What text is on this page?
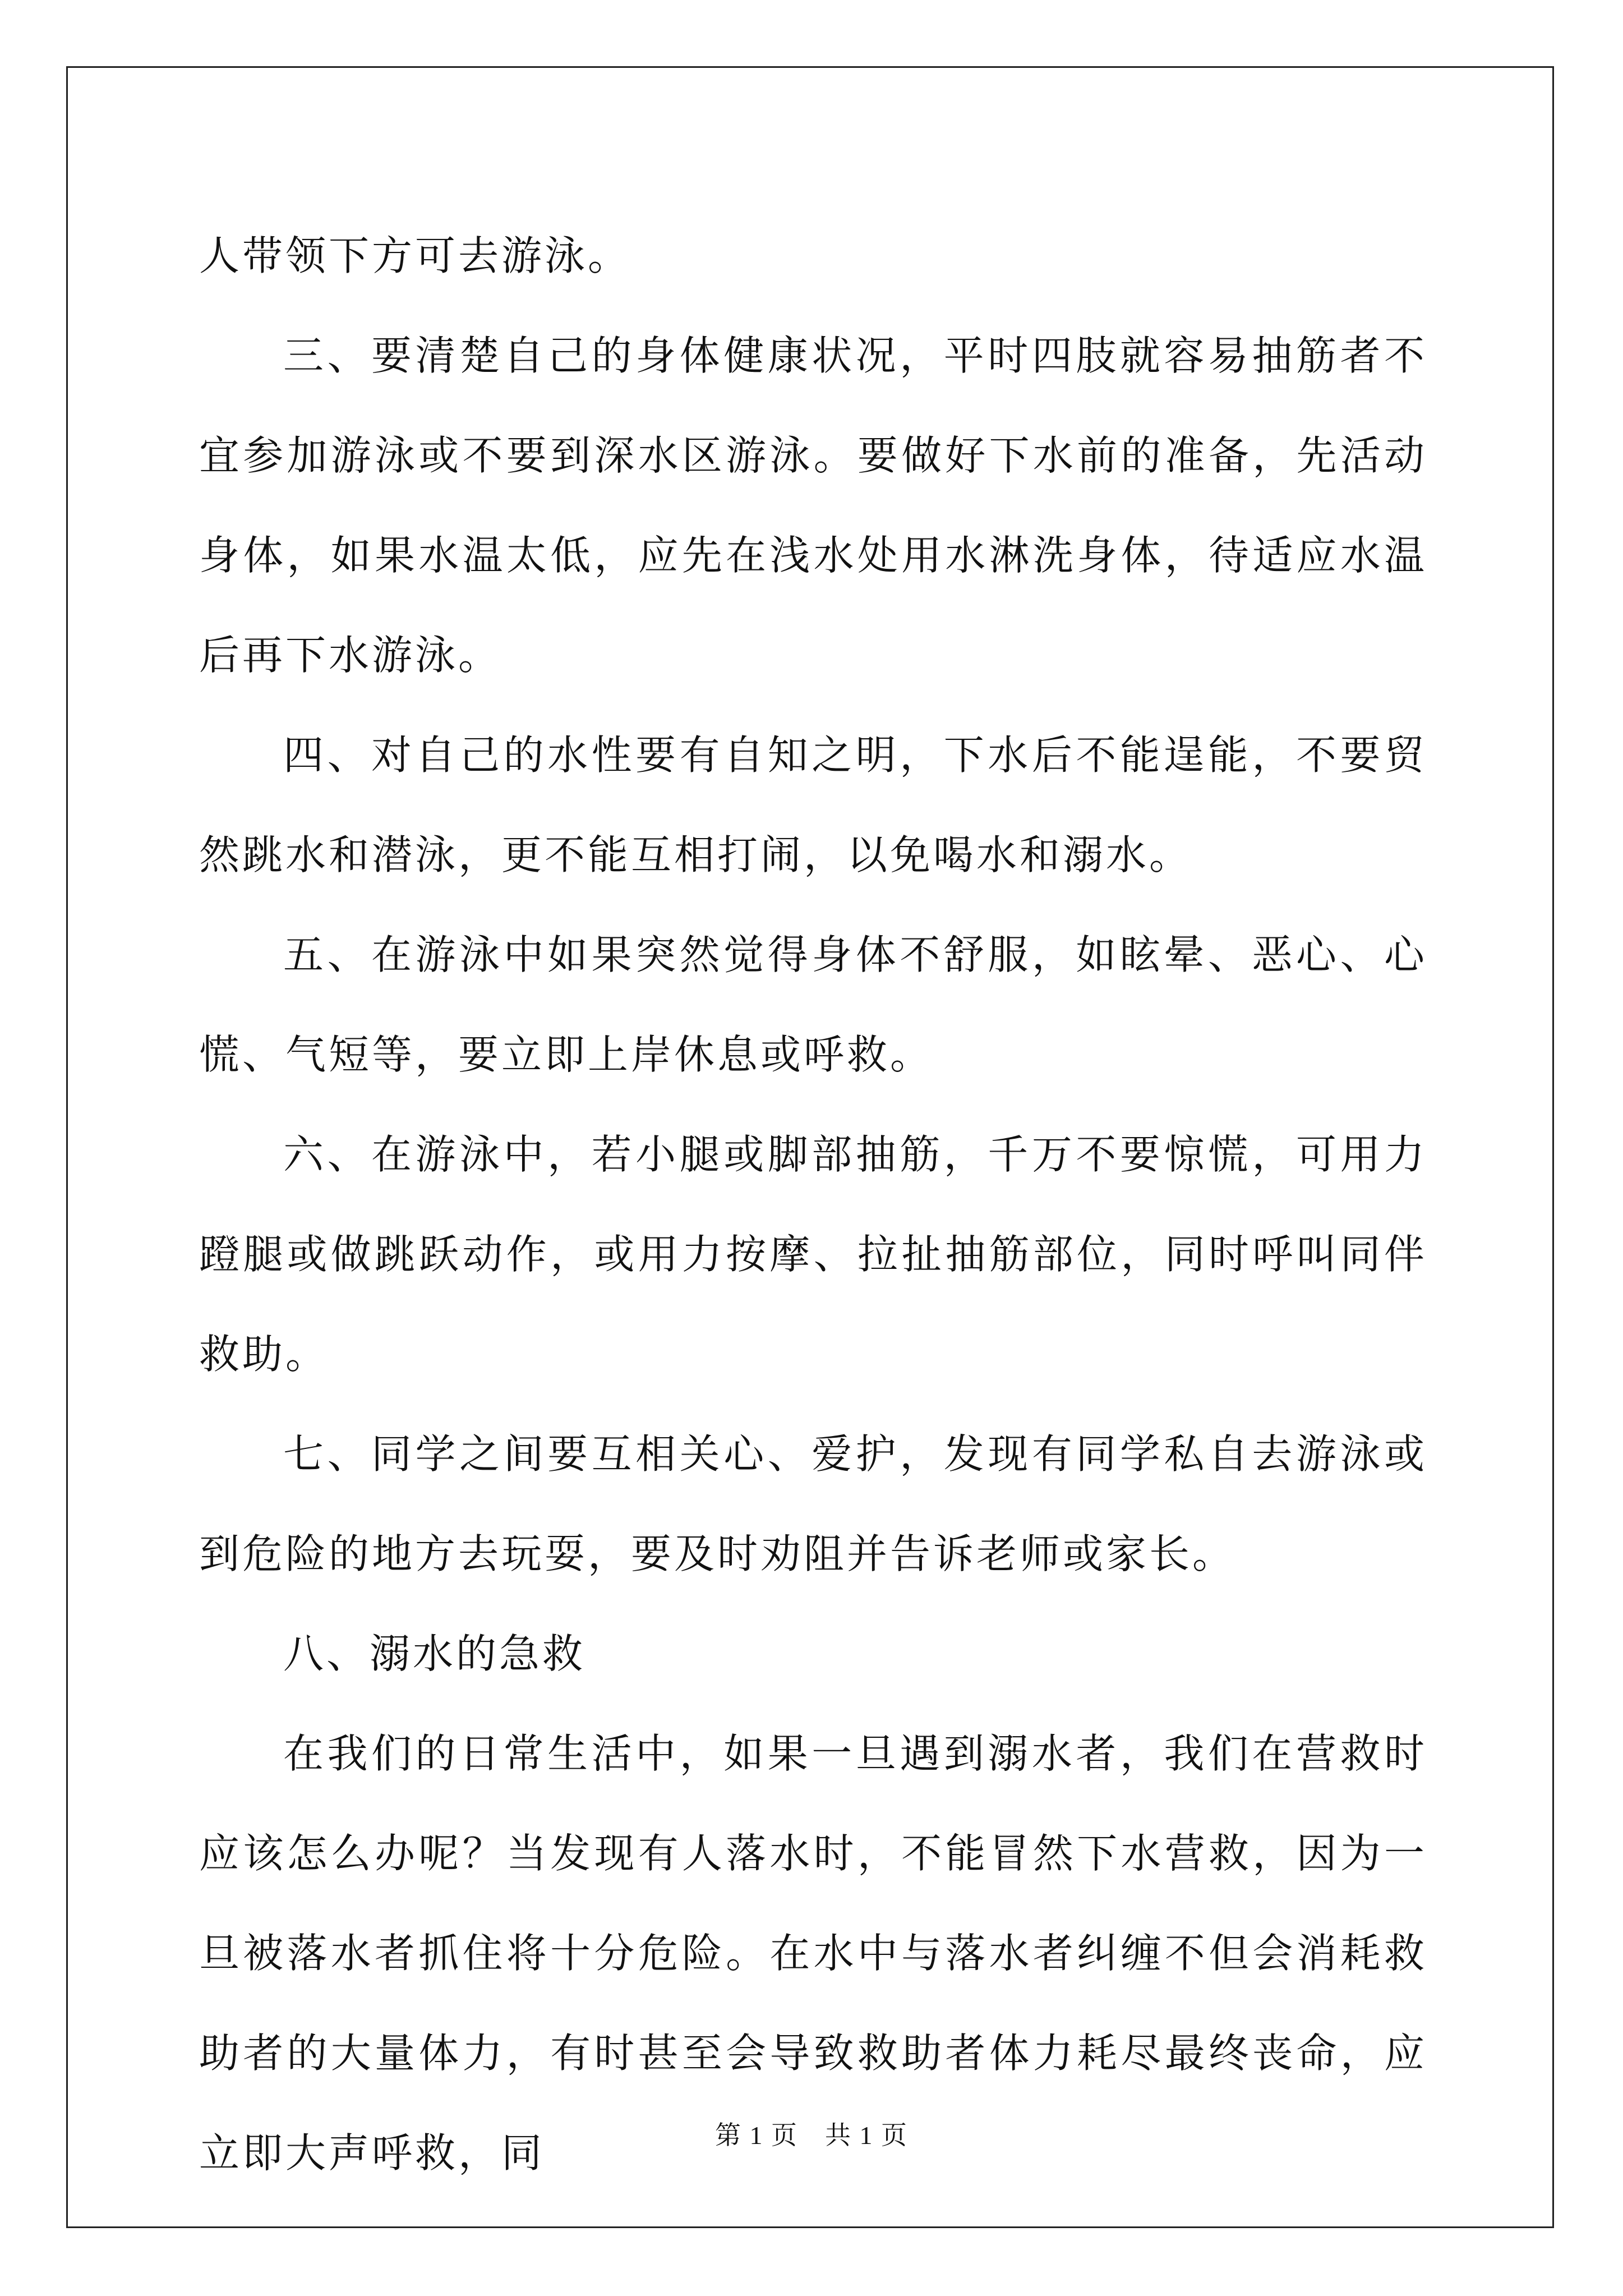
人带领下方可去游泳。

三、要清楚自己的身体健康状况，平时四肢就容易抽筋者不宜参加游泳或不要到深水区游泳。要做好下水前的准备，先活动身体，如果水温太低，应先在浅水处用水淋洗身体，待适应水温后再下水游泳。

四、对自己的水性要有自知之明，下水后不能逞能，不要贸然跳水和潜泳，更不能互相打闹，以免喝水和溺水。

五、在游泳中如果突然觉得身体不舒服，如眩晕、恶心、心慌、气短等，要立即上岸休息或呼救。

六、在游泳中，若小腿或脚部抽筋，千万不要惊慌，可用力蹬腿或做跳跃动作，或用力按摩、拉扯抽筋部位，同时呼叫同伴救助。

七、同学之间要互相关心、爱护，发现有同学私自去游泳或到危险的地方去玩耍，要及时劝阻并告诉老师或家长。

八、溺水的急救

在我们的日常生活中，如果一旦遇到溺水者，我们在营救时应该怎么办呢？当发现有人落水时，不能冒然下水营救，因为一旦被落水者抓住将十分危险。在水中与落水者纠缠不但会消耗救助者的大量体力，有时甚至会导致救助者体力耗尽最终丧命，应立即大声呼救，同	第 1 页　共 1 页
